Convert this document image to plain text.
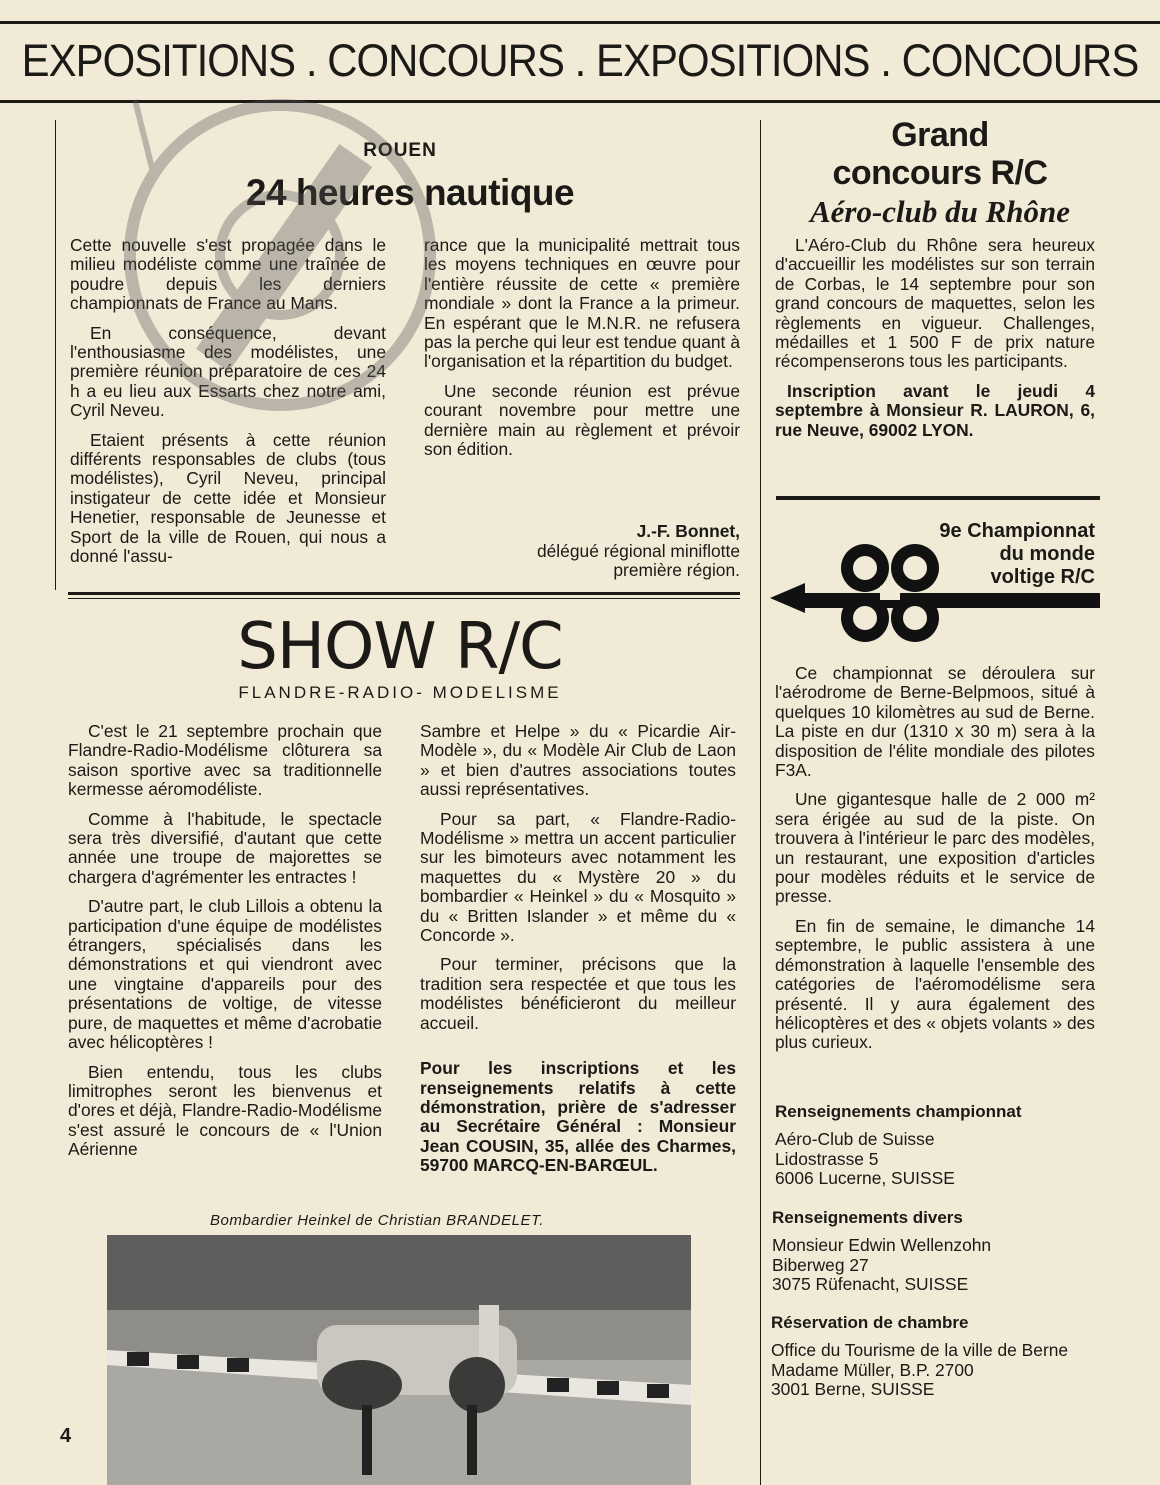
EXPOSITIONS . CONCOURS . EXPOSITIONS . CONCOURS
ROUEN
24 heures nautique

Cette nouvelle s'est propagée dans le milieu modéliste comme une traînée de poudre depuis les derniers championnats de France au Mans.

En conséquence, devant l'enthousiasme des modélistes, une première réunion préparatoire de ces 24 h a eu lieu aux Essarts chez notre ami, Cyril Neveu.

Etaient présents à cette réunion différents responsables de clubs (tous modélistes), Cyril Neveu, principal instigateur de cette idée et Monsieur Henetier, responsable de Jeunesse et Sport de la ville de Rouen, qui nous a donné l'assu-

rance que la municipalité mettrait tous les moyens techniques en œuvre pour l'entière réussite de cette « première mondiale » dont la France a la primeur. En espérant que le M.N.R. ne refusera pas la perche qui leur est tendue quant à l'organisation et la répartition du budget.

Une seconde réunion est prévue courant novembre pour mettre une dernière main au règlement et prévoir son édition.

J.-F. Bonnet,
délégué régional miniflotte
première région.
SHOW R/C
FLANDRE-RADIO- MODELISME

C'est le 21 septembre prochain que Flandre-Radio-Modélisme clôturera sa saison sportive avec sa traditionnelle kermesse aéromodéliste.

Comme à l'habitude, le spectacle sera très diversifié, d'autant que cette année une troupe de majorettes se chargera d'agrémenter les entractes !

D'autre part, le club Lillois a obtenu la participation d'une équipe de modélistes étrangers, spécialisés dans les démonstrations et qui viendront avec une vingtaine d'appareils pour des présentations de voltige, de vitesse pure, de maquettes et même d'acrobatie avec hélicoptères !

Bien entendu, tous les clubs limitrophes seront les bienvenus et d'ores et déjà, Flandre-Radio-Modélisme s'est assuré le concours de « l'Union Aérienne

Sambre et Helpe » du « Picardie Air-Modèle », du « Modèle Air Club de Laon » et bien d'autres associations toutes aussi représentatives.

Pour sa part, « Flandre-Radio-Modélisme » mettra un accent particulier sur les bimoteurs avec notamment les maquettes du « Mystère 20 » du bombardier « Heinkel » du « Mosquito » du « Britten Islander » et même du « Concorde ».

Pour terminer, précisons que la tradition sera respectée et que tous les modélistes bénéficieront du meilleur accueil.

Pour les inscriptions et les renseignements relatifs à cette démonstration, prière de s'adresser au Secrétaire Général : Monsieur Jean COUSIN, 35, allée des Charmes, 59700 MARCQ-EN-BARŒUL.

Bombardier Heinkel de Christian BRANDELET.
4
Grand
concours R/C
Aéro-club du Rhône

L'Aéro-Club du Rhône sera heureux d'accueillir les modélistes sur son terrain de Corbas, le 14 septembre pour son grand concours de maquettes, selon les règlements en vigueur. Challenges, médailles et 1 500 F de prix nature récompenserons tous les participants.

Inscription avant le jeudi 4 septembre à Monsieur R. LAURON, 6, rue Neuve, 69002 LYON.

9e Championnat
du monde
voltige R/C

Ce championnat se déroulera sur l'aérodrome de Berne-Belpmoos, situé à quelques 10 kilomètres au sud de Berne. La piste en dur (1310 x 30 m) sera à la disposition de l'élite mondiale des pilotes F3A.

Une gigantesque halle de 2 000 m² sera érigée au sud de la piste. On trouvera à l'intérieur le parc des modèles, un restaurant, une exposition d'articles pour modèles réduits et le service de presse.

En fin de semaine, le dimanche 14 septembre, le public assistera à une démonstration à laquelle l'ensemble des catégories de l'aéromodélisme sera présenté. Il y aura également des hélicoptères et des « objets volants » des plus curieux.

Renseignements championnat
Aéro-Club de Suisse
Lidostrasse 5
6006 Lucerne, SUISSE
Renseignements divers
Monsieur Edwin Wellenzohn
Biberweg 27
3075 Rüfenacht, SUISSE
Réservation de chambre
Office du Tourisme de la ville de Berne
Madame Müller, B.P. 2700
3001 Berne, SUISSE
